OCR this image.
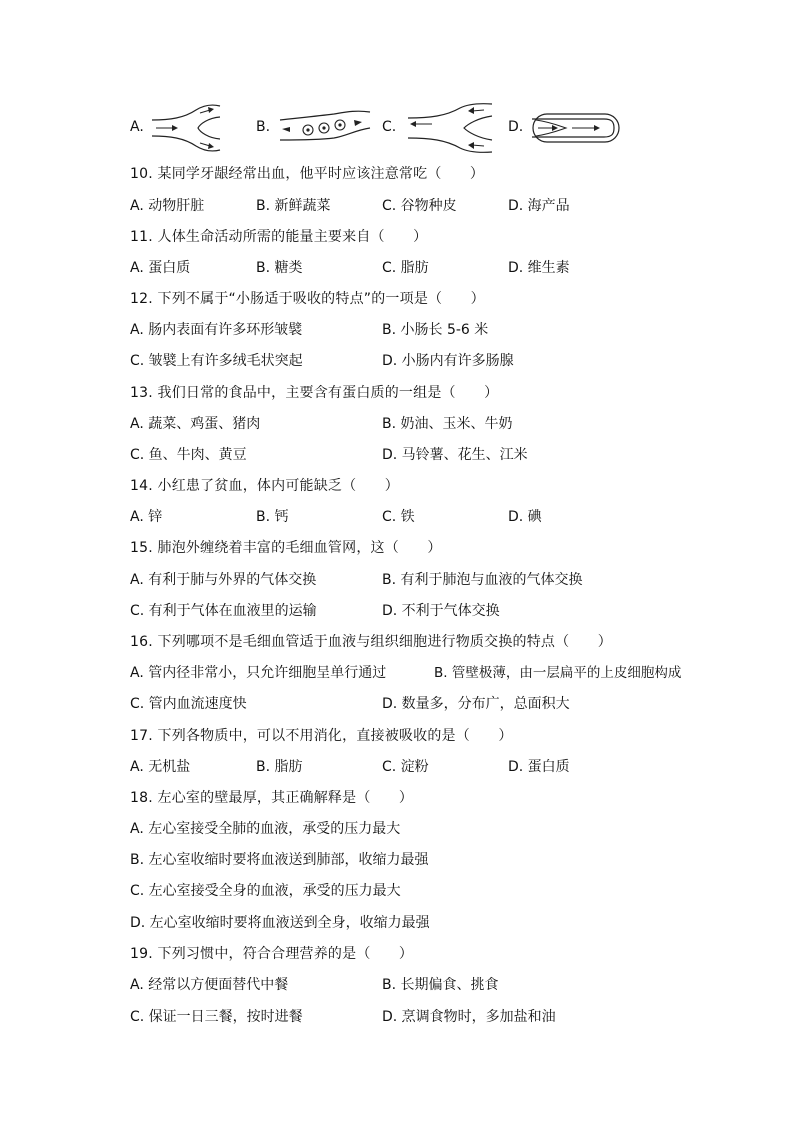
A.	B.	C.	D.
10. 某同学牙龈经常出血，他平时应该注意常吃（　　）
A. 动物肝脏	B. 新鲜蔬菜	C. 谷物种皮	D. 海产品
11. 人体生命活动所需的能量主要来自（　　）
A. 蛋白质	B. 糖类	C. 脂肪	D. 维生素
12. 下列不属于“小肠适于吸收的特点”的一项是（　　）
A. 肠内表面有许多环形皱襞	B. 小肠长 5-6 米
C. 皱襞上有许多绒毛状突起	D. 小肠内有许多肠腺
13. 我们日常的食品中，主要含有蛋白质的一组是（　　）
A. 蔬菜、鸡蛋、猪肉	B. 奶油、玉米、牛奶
C. 鱼、牛肉、黄豆	D. 马铃薯、花生、江米
14. 小红患了贫血，体内可能缺乏（　　）
A. 锌	B. 钙	C. 铁	D. 碘
15. 肺泡外缠绕着丰富的毛细血管网，这（　　）
A. 有利于肺与外界的气体交换	B. 有利于肺泡与血液的气体交换
C. 有利于气体在血液里的运输	D. 不利于气体交换
16. 下列哪项不是毛细血管适于血液与组织细胞进行物质交换的特点（　　）
A. 管内径非常小，只允许细胞呈单行通过	B. 管壁极薄，由一层扁平的上皮细胞构成
C. 管内血流速度快	D. 数量多，分布广，总面积大
17. 下列各物质中，可以不用消化，直接被吸收的是（　　）
A. 无机盐	B. 脂肪	C. 淀粉	D. 蛋白质
18. 左心室的壁最厚，其正确解释是（　　）
A. 左心室接受全肺的血液，承受的压力最大
B. 左心室收缩时要将血液送到肺部，收缩力最强
C. 左心室接受全身的血液，承受的压力最大
D. 左心室收缩时要将血液送到全身，收缩力最强
19. 下列习惯中，符合合理营养的是（　　）
A. 经常以方便面替代中餐	B. 长期偏食、挑食
C. 保证一日三餐，按时进餐	D. 烹调食物时，多加盐和油
